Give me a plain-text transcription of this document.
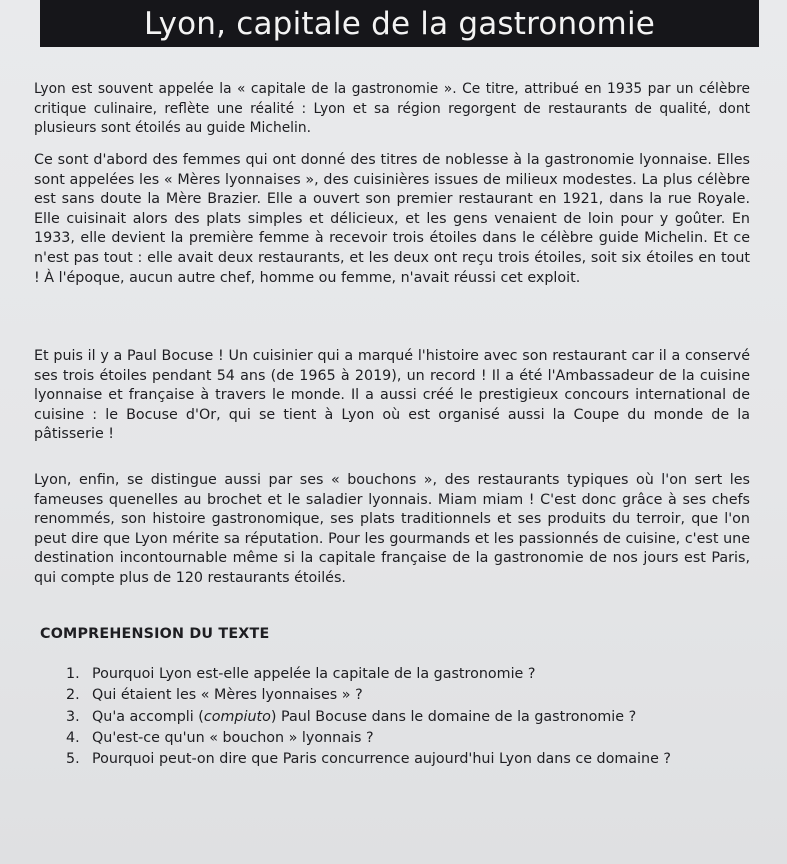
Lyon, capitale de la gastronomie

Lyon est souvent appelée la « capitale de la gastronomie ». Ce titre, attribué en 1935 par un célèbre critique culinaire, reflète une réalité : Lyon et sa région regorgent de restaurants de qualité, dont plusieurs sont étoilés au guide Michelin.

Ce sont d'abord des femmes qui ont donné des titres de noblesse à la gastronomie lyonnaise. Elles sont appelées les « Mères lyonnaises », des cuisinières issues de milieux modestes. La plus célèbre est sans doute la Mère Brazier. Elle a ouvert son premier restaurant en 1921, dans la rue Royale. Elle cuisinait alors des plats simples et délicieux, et les gens venaient de loin pour y goûter. En 1933, elle devient la première femme à recevoir trois étoiles dans le célèbre guide Michelin. Et ce n'est pas tout : elle avait deux restaurants, et les deux ont reçu trois étoiles, soit six étoiles en tout ! À l'époque, aucun autre chef, homme ou femme, n'avait réussi cet exploit.

Et puis il y a Paul Bocuse ! Un cuisinier qui a marqué l'histoire avec son restaurant car il a conservé ses trois étoiles pendant 54 ans (de 1965 à 2019), un record ! Il a été l'Ambassadeur de la cuisine lyonnaise et française à travers le monde. Il a aussi créé le prestigieux concours international de cuisine : le Bocuse d'Or, qui se tient à Lyon où est organisé aussi la Coupe du monde de la pâtisserie !

Lyon, enfin, se distingue aussi par ses « bouchons », des restaurants typiques où l'on sert les fameuses quenelles au brochet et le saladier lyonnais. Miam miam ! C'est donc grâce à ses chefs renommés, son histoire gastronomique, ses plats traditionnels et ses produits du terroir, que l'on peut dire que Lyon mérite sa réputation. Pour les gourmands et les passionnés de cuisine, c'est une destination incontournable même si la capitale française de la gastronomie de nos jours est Paris, qui compte plus de 120 restaurants étoilés.

COMPREHENSION DU TEXTE
1. Pourquoi Lyon est-elle appelée la capitale de la gastronomie ?
2. Qui étaient les « Mères lyonnaises » ?
3. Qu'a accompli (compiuto) Paul Bocuse dans le domaine de la gastronomie ?
4. Qu'est-ce qu'un « bouchon » lyonnais ?
5. Pourquoi peut-on dire que Paris concurrence aujourd'hui Lyon dans ce domaine ?
